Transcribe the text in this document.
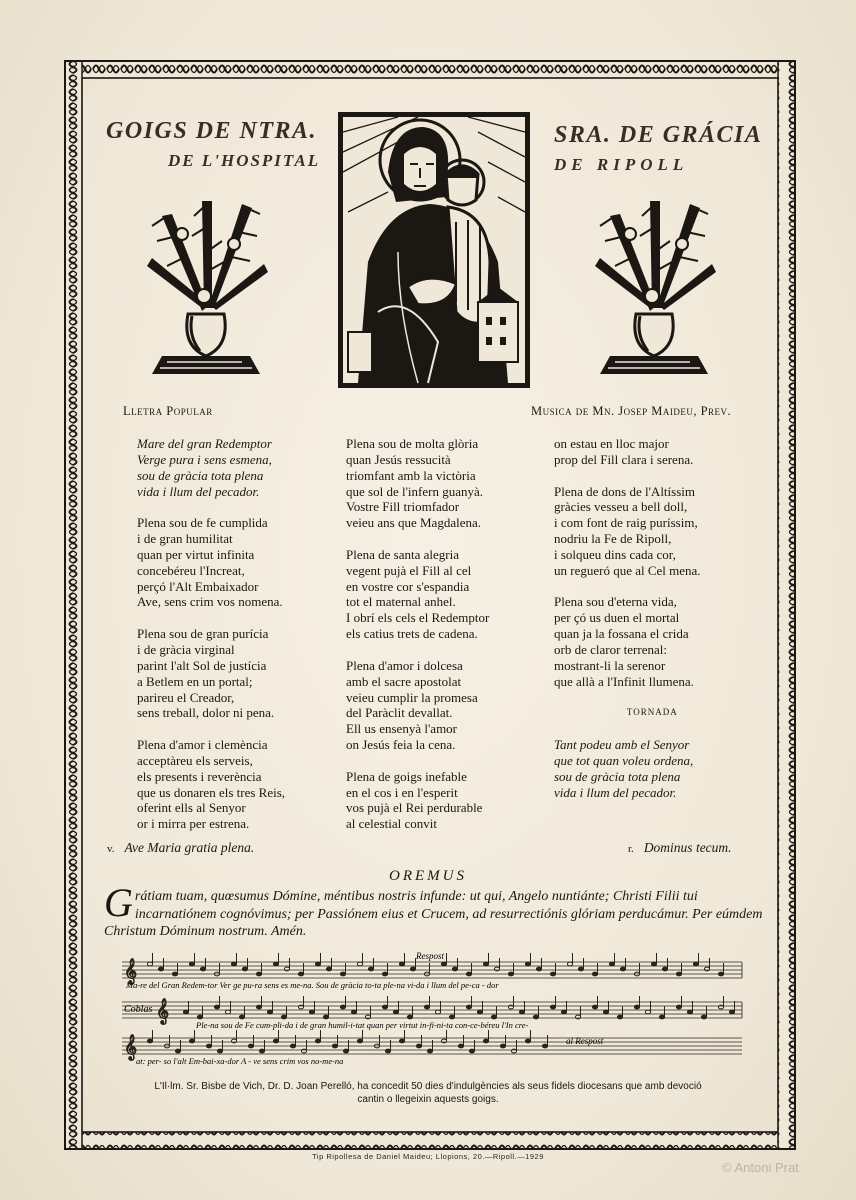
GOIGS DE NTRA.
DE L'HOSPITAL
SRA. DE GRÁCIA
DE RIPOLL
Lletra Popular	Musica de Mn. Josep Maideu, Prev.
Mare del gran Redemptor
Verge pura i sens esmena,
sou de gràcia tota plena
vida i llum del pecador.
Plena sou de fe cumplida
i de gran humilitat
quan per virtut infinita
concebéreu l'Increat,
perçó l'Alt Embaixador
Ave, sens crim vos nomena.
Plena sou de gran purícia
i de gràcia virginal
parint l'alt Sol de justícia
a Betlem en un portal;
parireu el Creador,
sens treball, dolor ni pena.
Plena d'amor i clemència
acceptàreu els serveis,
els presents i reverència
que us donaren els tres Reis,
oferint ells al Senyor
or i mirra per estrena.
Plena sou de molta glòria
quan Jesús ressucità
triomfant amb la victòria
que sol de l'infern guanyà.
Vostre Fill triomfador
veieu ans que Magdalena.
Plena de santa alegria
vegent pujà el Fill al cel
en vostre cor s'espandia
tot el maternal anhel.
I obrí els cels el Redemptor
els catius trets de cadena.
Plena d'amor i dolcesa
amb el sacre apostolat
veieu cumplir la promesa
del Paràclit devallat.
Ell us ensenyà l'amor
on Jesús feia la cena.
Plena de goigs inefable
en el cos i en l'esperit
vos pujà el Rei perdurable
al celestial convit
on estau en lloc major
prop del Fill clara i serena.
Plena de dons de l'Altíssim
gràcies vesseu a bell doll,
i com font de raig puríssim,
nodriu la Fe de Ripoll,
i solqueu dins cada cor,
un regueró que al Cel mena.
Plena sou d'eterna vida,
per çó us duen el mortal
quan ja la fossana el crida
orb de claror terrenal:
mostrant-li la serenor
que allà a l'Infinit llumena.
TORNADA
Tant podeu amb el Senyor
que tot quan voleu ordena,
sou de gràcia tota plena
vida i llum del pecador.
v. Ave Maria gratia plena.	r. Dominus tecum.
OREMUS
Grátiam tuam, quœsumus Dómine, méntibus nostris infunde: ut qui, Angelo nuntiánte; Christi Filii tui incarnatiónem cognóvimus; per Passiónem eius et Crucem, ad resurrectiónis glóriam perducámur. Per eúmdem Christum Dóminum nostrum. Amén.
𝄞
𝄞
𝄞
Respost
Ma-re del Gran Redem-tor Ver ge pu-ra sens es me-na. Sou de gràcia to-ta ple-na vi-da i llum del pe-ca - dor
Coblas
Ple-na sou de Fe cum-pli-da i de gran humil-i-tat quan per virtut in-fi-ni-ta con-ce-béreu l'In cre-
at: per- so l'alt Em-bai-xa-dor A - ve sens crim vos no-me-na
al Respost
L'Il·lm. Sr. Bisbe de Vich, Dr. D. Joan Perelló, ha concedit 50 dies d'indulgències als seus fidels diocesans que amb devoció
cantin o llegeixin aquests goigs.
Tip Ripollesa de Daniel Maideu; Llopions, 20.—Ripoll.—1929
© Antoni Prat
